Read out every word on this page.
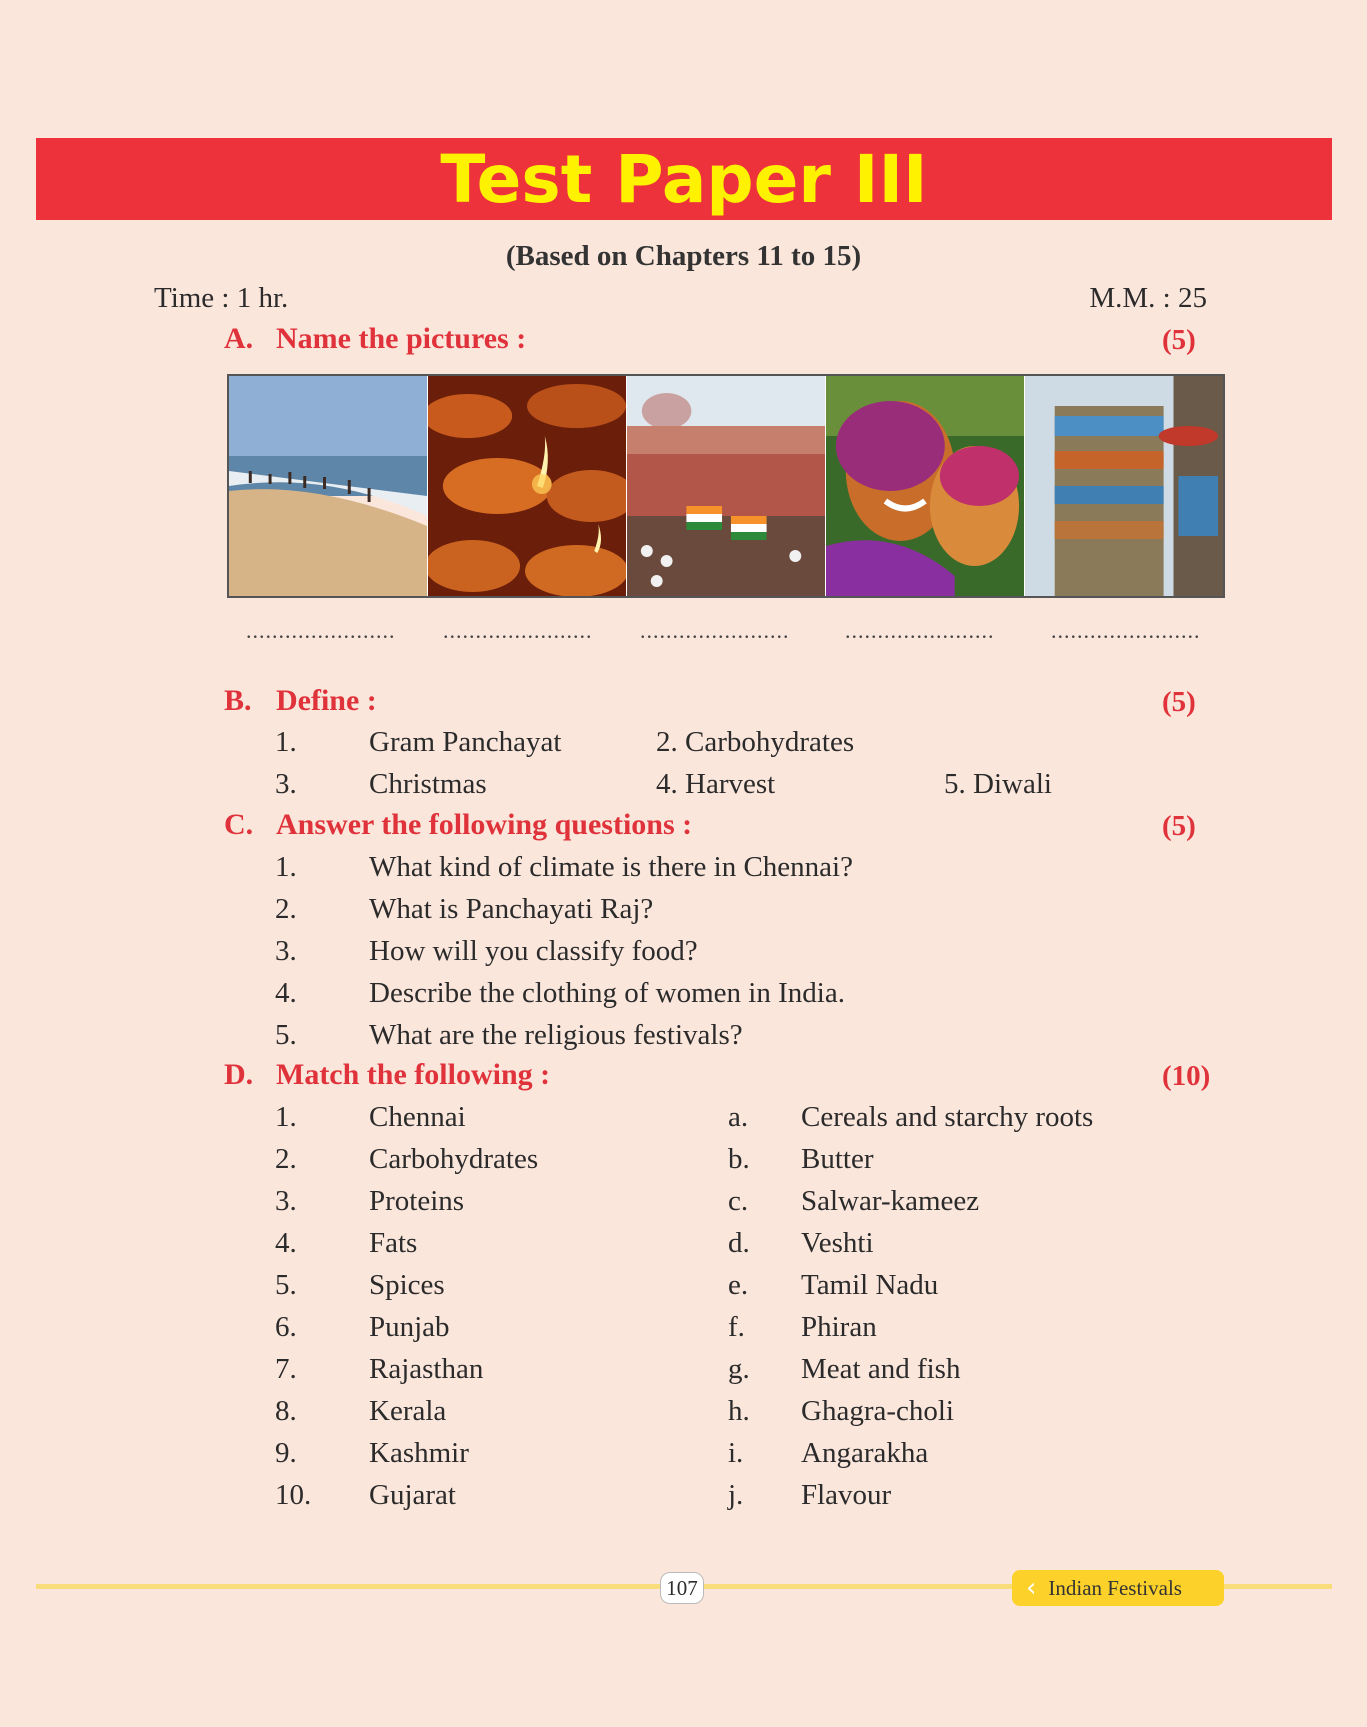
Test Paper III
(Based on Chapters 11 to 15)
Time : 1 hr.	M.M. : 25
A. Name the pictures :	(5)
....................... ....................... .......................	.......................	.......................
B. Define :	(5)
1. Gram Panchayat	2. Carbohydrates
3. Christmas	4. Harvest	5. Diwali
C. Answer the following questions :	(5)
1. What kind of climate is there in Chennai?
2. What is Panchayati Raj?
3. How will you classify food?
4. Describe the clothing of women in India.
5. What are the religious festivals?
D. Match the following :	(10)
1. Chennai	a. Cereals and starchy roots
2. Carbohydrates	b. Butter
3. Proteins	c. Salwar-kameez
4. Fats	d. Veshti
5. Spices	e. Tamil Nadu
6. Punjab	f. Phiran
7. Rajasthan	g. Meat and fish
8. Kerala	h. Ghagra-choli
9. Kashmir	i. Angarakha
10. Gujarat	j. Flavour
107	‹ Indian Festivals
